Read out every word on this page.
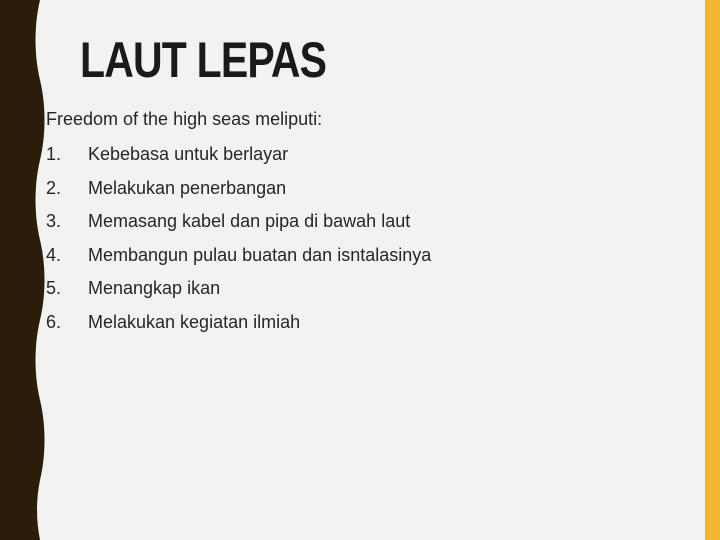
LAUT LEPAS

Freedom of the high seas meliputi:

1.	Kebebasa untuk berlayar
2.	Melakukan penerbangan
3.	Memasang kabel dan pipa di bawah laut
4.	Membangun pulau buatan dan isntalasinya
5.	Menangkap ikan
6.	Melakukan kegiatan ilmiah
